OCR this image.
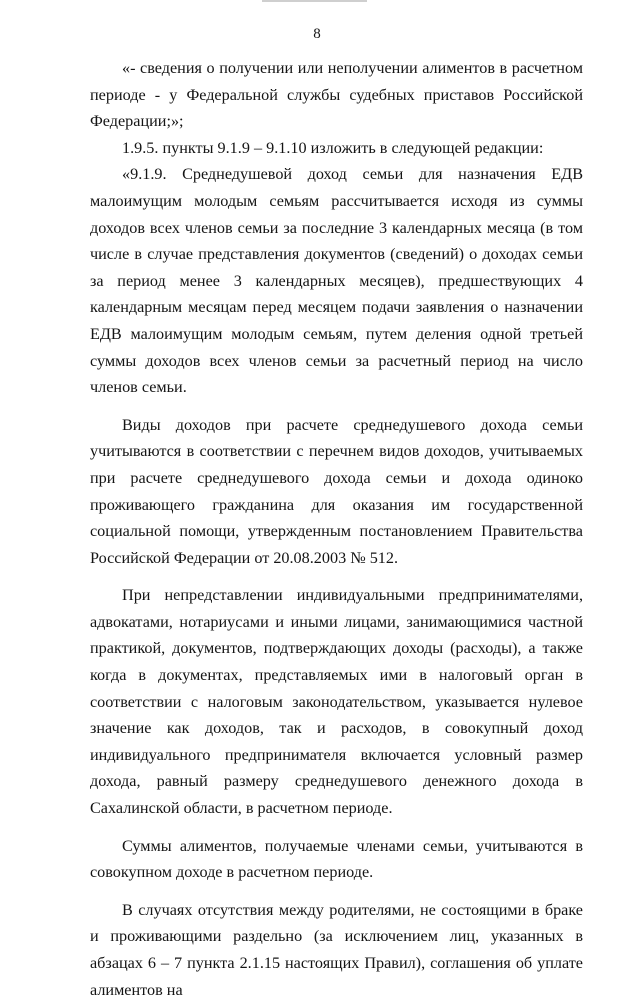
8

«- сведения о получении или неполучении алиментов в расчетном периоде - у Федеральной службы судебных приставов Российской Федерации;»;

1.9.5. пункты 9.1.9 – 9.1.10 изложить в следующей редакции:

«9.1.9. Среднедушевой доход семьи для назначения ЕДВ малоимущим молодым семьям рассчитывается исходя из суммы доходов всех членов семьи за последние 3 календарных месяца (в том числе в случае представления документов (сведений) о доходах семьи за период менее 3 календарных месяцев), предшествующих 4 календарным месяцам перед месяцем подачи заявления о назначении ЕДВ малоимущим молодым семьям, путем деления одной третьей суммы доходов всех членов семьи за расчетный период на число членов семьи.

Виды доходов при расчете среднедушевого дохода семьи учитываются в соответствии с перечнем видов доходов, учитываемых при расчете среднедушевого дохода семьи и дохода одиноко проживающего гражданина для оказания им государственной социальной помощи, утвержденным постановлением Правительства Российской Федерации от 20.08.2003 № 512.

При непредставлении индивидуальными предпринимателями, адвокатами, нотариусами и иными лицами, занимающимися частной практикой, документов, подтверждающих доходы (расходы), а также когда в документах, представляемых ими в налоговый орган в соответствии с налоговым законодательством, указывается нулевое значение как доходов, так и расходов, в совокупный доход индивидуального предпринимателя включается условный размер дохода, равный размеру среднедушевого денежного дохода в Сахалинской области, в расчетном периоде.

Суммы алиментов, получаемые членами семьи, учитываются в совокупном доходе в расчетном периоде.

В случаях отсутствия между родителями, не состоящими в браке и проживающими раздельно (за исключением лиц, указанных в абзацах 6 – 7 пункта 2.1.15 настоящих Правил), соглашения об уплате алиментов на
